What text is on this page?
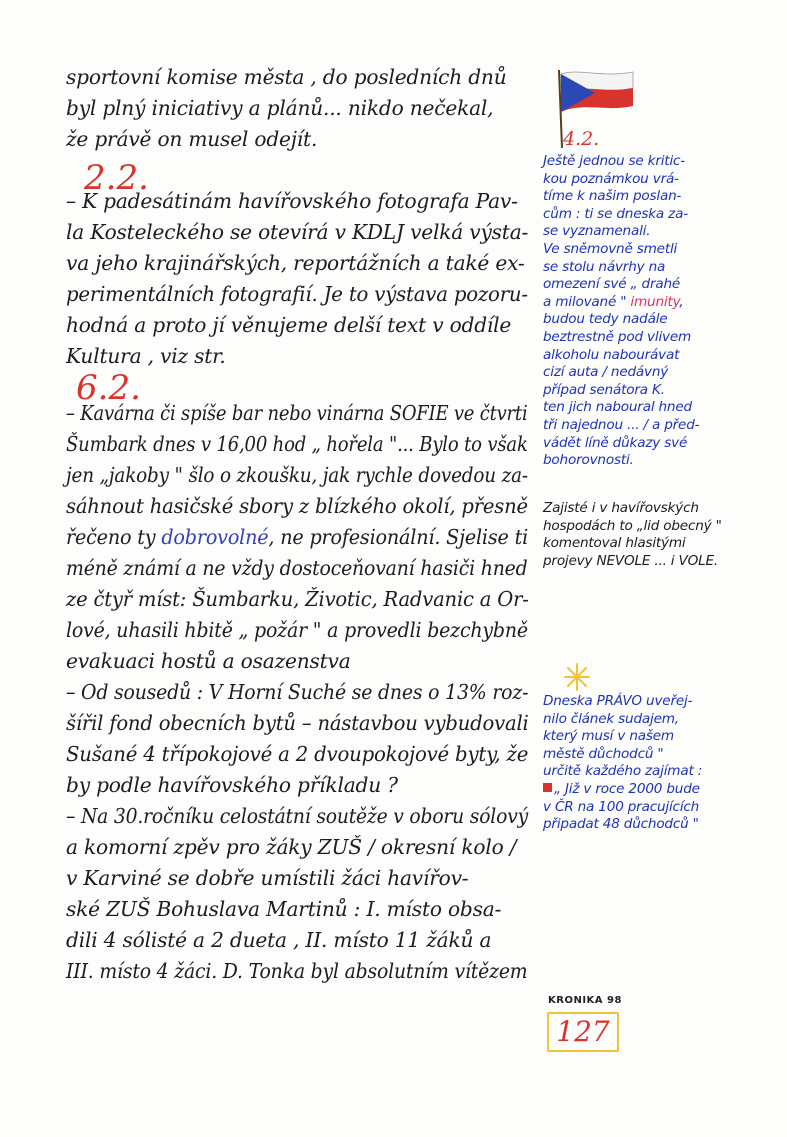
sportovní komise města , do posledních dnů
byl plný iniciativy a plánů... nikdo nečekal,
že právě on musel odejít.
2.2.
– K padesátinám havířovského fotografa Pav-
la Kosteleckého se otevírá v KDLJ velká výsta-
va jeho krajinářských, reportážních a také ex-
perimentálních fotografií. Je to výstava pozoru-
hodná a proto jí věnujeme delší text v oddíle
Kultura , viz str.
6.2.
– Kavárna či spíše bar nebo vinárna SOFIE ve čtvrti
Šumbark dnes v 16,00 hod „ hořela "... Bylo to však
jen „jakoby " šlo o zkoušku, jak rychle dovedou za-
sáhnout hasičské sbory z blízkého okolí, přesně
řečeno ty dobrovolné, ne profesionální. Sjelise ti
méně známí a ne vždy dostoceňovaní hasiči hned
ze čtyř míst: Šumbarku, Životic, Radvanic a Or-
lové, uhasili hbitě „ požár " a provedli bezchybně
evakuaci hostů a osazenstva
– Od sousedů : V Horní Suché se dnes o 13% roz-
šířil fond obecních bytů – nástavbou vybudovali
Sušané 4 třípokojové a 2 dvoupokojové byty, že
by podle havířovského příkladu ?
– Na 30.ročníku celostátní soutěže v oboru sólový
a komorní zpěv pro žáky ZUŠ / okresní kolo /
v Karviné se dobře umístili žáci havířov-
ské ZUŠ Bohuslava Martinů : I. místo obsa-
dili 4 sólisté a 2 dueta , II. místo 11 žáků a
III. místo 4 žáci. D. Tonka byl absolutním vítězem
4.2.
Ještě jednou se kritic-
kou poznámkou vrá-
tíme k našim poslan-
cům : ti se dneska za-
se vyznamenali.
Ve sněmovně smetli
se stolu návrhy na
omezení své „ drahé
a milované " imunity,
budou tedy nadále
beztrestně pod vlivem
alkoholu nabourávat
cizí auta / nedávný
případ senátora K.
ten jich naboural hned
tři najednou ... / a před-
vádět líně důkazy své
bohorovnosti.
Zajisté i v havířovských
hospodách to „lid obecný "
komentoval hlasitými
projevy NEVOLE ... i VOLE.
Dneska PRÁVO uveřej-
nilo článek sudajem,
který musí v našem
městě důchodců "
určitě každého zajímat :
„ Již v roce 2000 bude
v ČR na 100 pracujících
připadat 48 důchodců "
KRONIKA 98
127
